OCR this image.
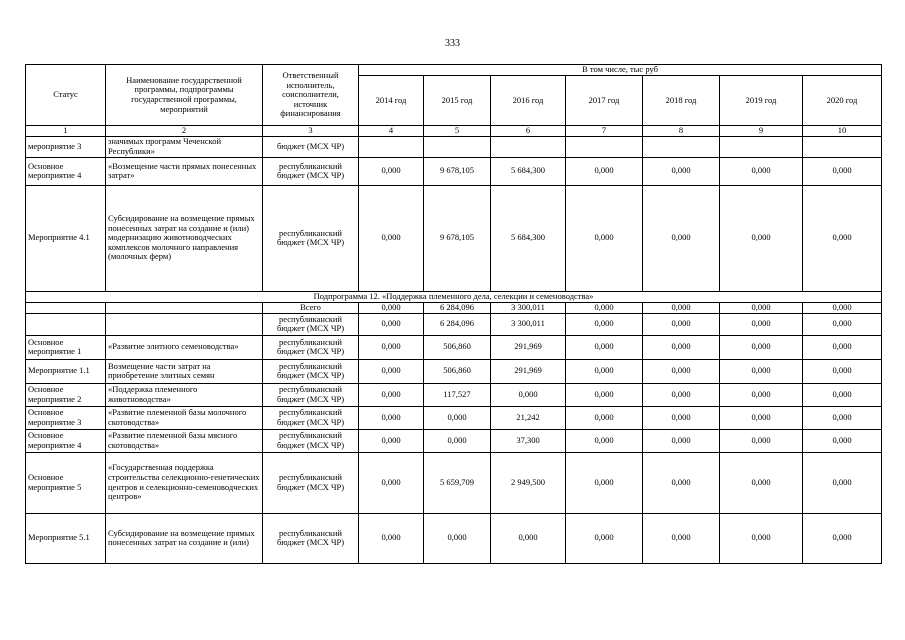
333
Статус	Наименование государственной программы, подпрограммы государственной программы, мероприятий	Ответственный исполнитель, соисполнители, источник финансирования	В том числе, тыс руб						
			2014 год	2015 год	2016 год	2017 год	2018 год	2019 год	2020 год
1	2	3	4	5	6	7	8	9	10
мероприятие 3	значимых программ Чеченской Республики»	бюджет (МСХ ЧР)							
Основное мероприятие 4	«Возмещение части прямых понесенных затрат»	республиканский бюджет (МСХ ЧР)	0,000	9 678,105	5 684,300	0,000	0,000	0,000	0,000
Мероприятие 4.1	Субсидирование на возмещение прямых понесенных затрат на создание и (или) модернизацию животноводческих комплексов молочного направления (молочных ферм)	республиканский бюджет (МСХ ЧР)	0,000	9 678,105	5 684,300	0,000	0,000	0,000	0,000
Подпрограмма 12. «Поддержка племенного дела, селекции и семеноводства»									
		Всего	0,000	6 284,096	3 300,011	0,000	0,000	0,000	0,000
		республиканский бюджет (МСХ ЧР)	0,000	6 284,096	3 300,011	0,000	0,000	0,000	0,000
Основное мероприятие 1	«Развитие элитного семеноводства»	республиканский бюджет (МСХ ЧР)	0,000	506,860	291,969	0,000	0,000	0,000	0,000
Мероприятие 1.1	Возмещение части затрат на приобретение элитных семян	республиканский бюджет (МСХ ЧР)	0,000	506,860	291,969	0,000	0,000	0,000	0,000
Основное мероприятие 2	«Поддержка племенного животноводства»	республиканский бюджет (МСХ ЧР)	0,000	117,527	0,000	0,000	0,000	0,000	0,000
Основное мероприятие 3	«Развитие племенной базы молочного скотоводства»	республиканский бюджет (МСХ ЧР)	0,000	0,000	21,242	0,000	0,000	0,000	0,000
Основное мероприятие 4	«Развитие племенной базы мясного скотоводства»	республиканский бюджет (МСХ ЧР)	0,000	0,000	37,300	0,000	0,000	0,000	0,000
Основное мероприятие 5	«Государственная поддержка строительства селекционно-генетических центров и селекционно-семеноводческих центров»	республиканский бюджет (МСХ ЧР)	0,000	5 659,709	2 949,500	0,000	0,000	0,000	0,000
Мероприятие 5.1	Субсидирование на возмещение прямых понесенных затрат на создание и (или)	республиканский бюджет (МСХ ЧР)	0,000	0,000	0,000	0,000	0,000	0,000	0,000
